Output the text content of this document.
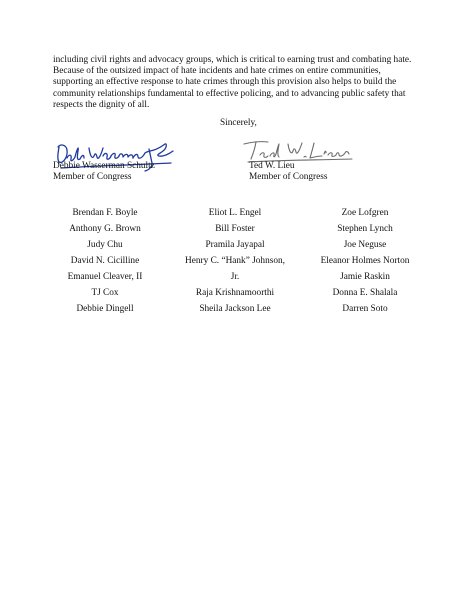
including civil rights and advocacy groups, which is critical to earning trust and combating hate.
Because of the outsized impact of hate incidents and hate crimes on entire communities,
supporting an effective response to hate crimes through this provision also helps to build the
community relationships fundamental to effective policing, and to advancing public safety that
respects the dignity of all.

Sincerely,

Debbie Wasserman Schultz
Member of Congress
Ted W. Lieu
Member of Congress
Brendan F. Boyle
Anthony G. Brown
Judy Chu
David N. Cicilline
Emanuel Cleaver, II
TJ Cox
Debbie Dingell
Eliot L. Engel
Bill Foster
Pramila Jayapal
Henry C. “Hank” Johnson,
Jr.
Raja Krishnamoorthi
Sheila Jackson Lee
Zoe Lofgren
Stephen Lynch
Joe Neguse
Eleanor Holmes Norton
Jamie Raskin
Donna E. Shalala
Darren Soto
